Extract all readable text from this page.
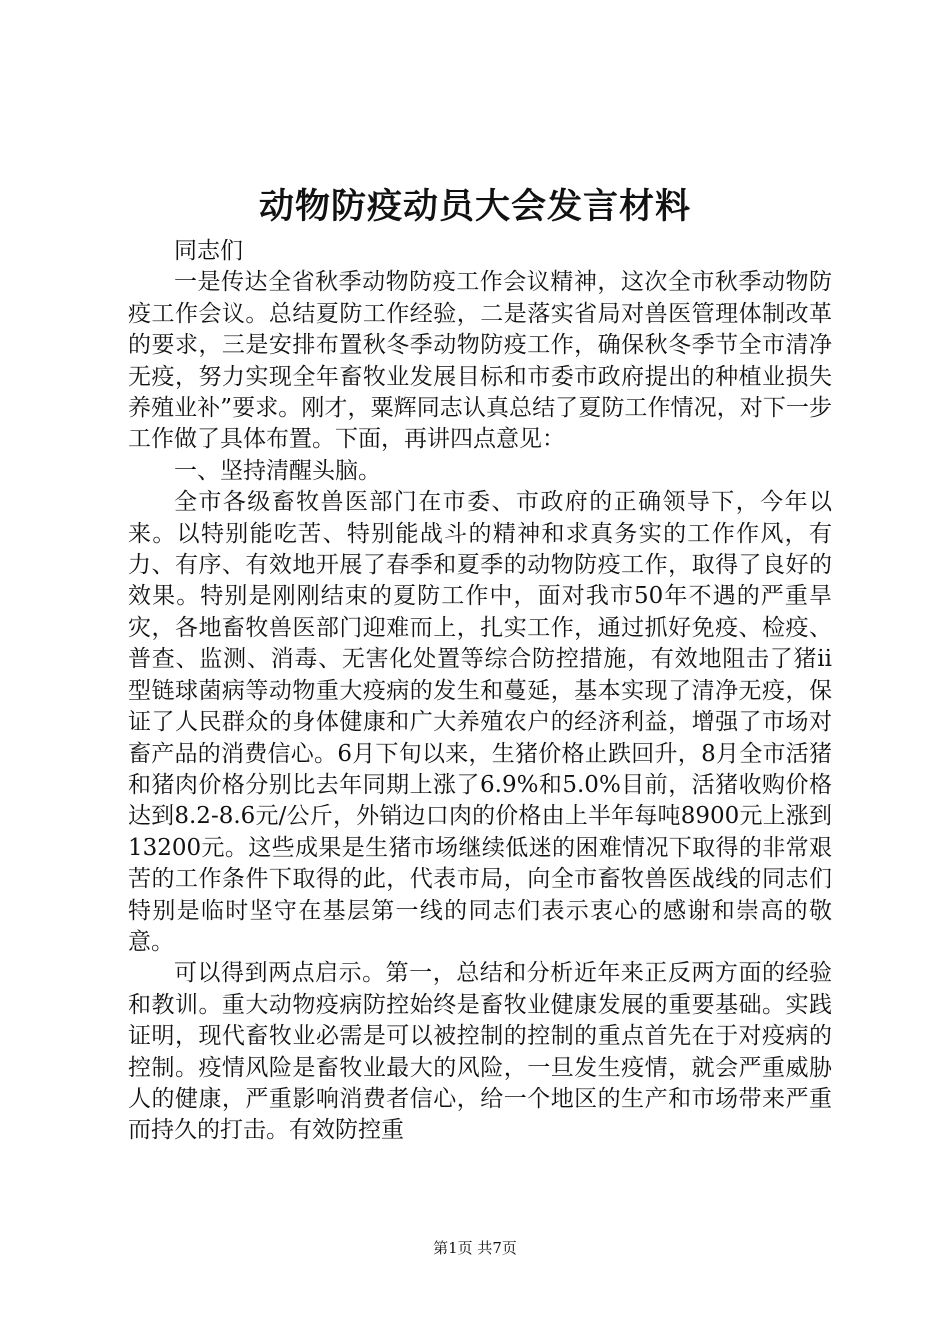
动物防疫动员大会发言材料

同志们

一是传达全省秋季动物防疫工作会议精神，这次全市秋季动物防疫工作会议。总结夏防工作经验，二是落实省局对兽医管理体制改革的要求，三是安排布置秋冬季动物防疫工作，确保秋冬季节全市清净无疫，努力实现全年畜牧业发展目标和市委市政府提出的种植业损失养殖业补”要求。刚才，粟辉同志认真总结了夏防工作情况，对下一步工作做了具体布置。下面，再讲四点意见：

一、坚持清醒头脑。

全市各级畜牧兽医部门在市委、市政府的正确领导下，今年以来。以特别能吃苦、特别能战斗的精神和求真务实的工作作风，有力、有序、有效地开展了春季和夏季的动物防疫工作，取得了良好的效果。特别是刚刚结束的夏防工作中，面对我市50年不遇的严重旱灾，各地畜牧兽医部门迎难而上，扎实工作，通过抓好免疫、检疫、普查、监测、消毒、无害化处置等综合防控措施，有效地阻击了猪ii型链球菌病等动物重大疫病的发生和蔓延，基本实现了清净无疫，保证了人民群众的身体健康和广大养殖农户的经济利益，增强了市场对畜产品的消费信心。6月下旬以来，生猪价格止跌回升，8月全市活猪和猪肉价格分别比去年同期上涨了6.9%和5.0%目前，活猪收购价格达到8.2-8.6元/公斤，外销边口肉的价格由上半年每吨8900元上涨到13200元。这些成果是生猪市场继续低迷的困难情况下取得的非常艰苦的工作条件下取得的此，代表市局，向全市畜牧兽医战线的同志们特别是临时坚守在基层第一线的同志们表示衷心的感谢和崇高的敬意。

可以得到两点启示。第一，总结和分析近年来正反两方面的经验和教训。重大动物疫病防控始终是畜牧业健康发展的重要基础。实践证明，现代畜牧业必需是可以被控制的控制的重点首先在于对疫病的控制。疫情风险是畜牧业最大的风险，一旦发生疫情，就会严重威胁人的健康，严重影响消费者信心，给一个地区的生产和市场带来严重而持久的打击。有效防控重

第1页 共7页
